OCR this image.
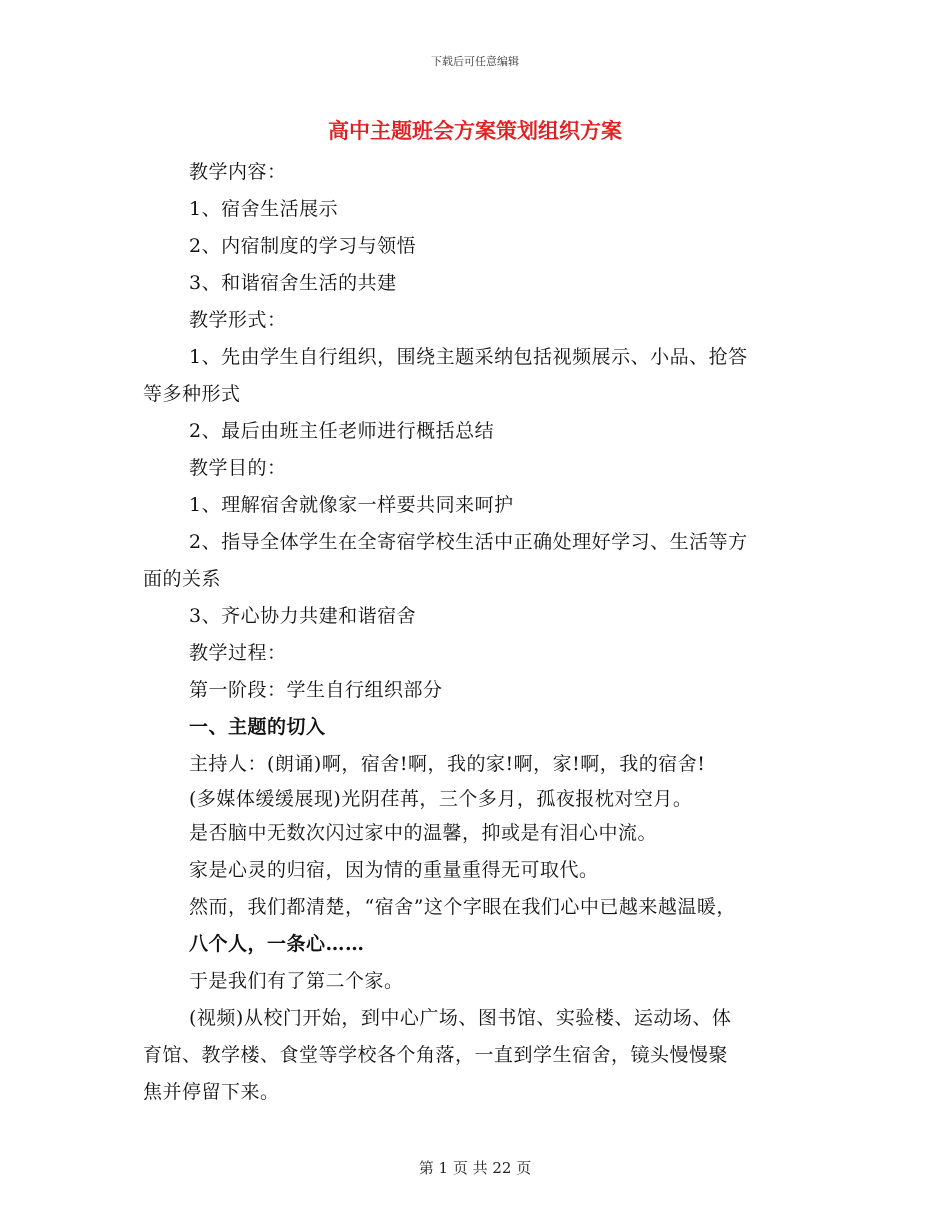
下载后可任意编辑
高中主题班会方案策划组织方案
教学内容：
1、宿舍生活展示
2、内宿制度的学习与领悟
3、和谐宿舍生活的共建
教学形式：
1、先由学生自行组织，围绕主题采纳包括视频展示、小品、抢答
等多种形式
2、最后由班主任老师进行概括总结
教学目的：
1、理解宿舍就像家一样要共同来呵护
2、指导全体学生在全寄宿学校生活中正确处理好学习、生活等方
面的关系
3、齐心协力共建和谐宿舍
教学过程：
第一阶段：学生自行组织部分
一、主题的切入
主持人：(朗诵)啊，宿舍!啊，我的家!啊，家!啊，我的宿舍!
(多媒体缓缓展现)光阴荏苒，三个多月，孤夜报枕对空月。
是否脑中无数次闪过家中的温馨，抑或是有泪心中流。
家是心灵的归宿，因为情的重量重得无可取代。
然而，我们都清楚，“宿舍”这个字眼在我们心中已越来越温暖，
八个人，一条心……
于是我们有了第二个家。
(视频)从校门开始，到中心广场、图书馆、实验楼、运动场、体
育馆、教学楼、食堂等学校各个角落，一直到学生宿舍，镜头慢慢聚
焦并停留下来。
第 1 页 共 22 页
